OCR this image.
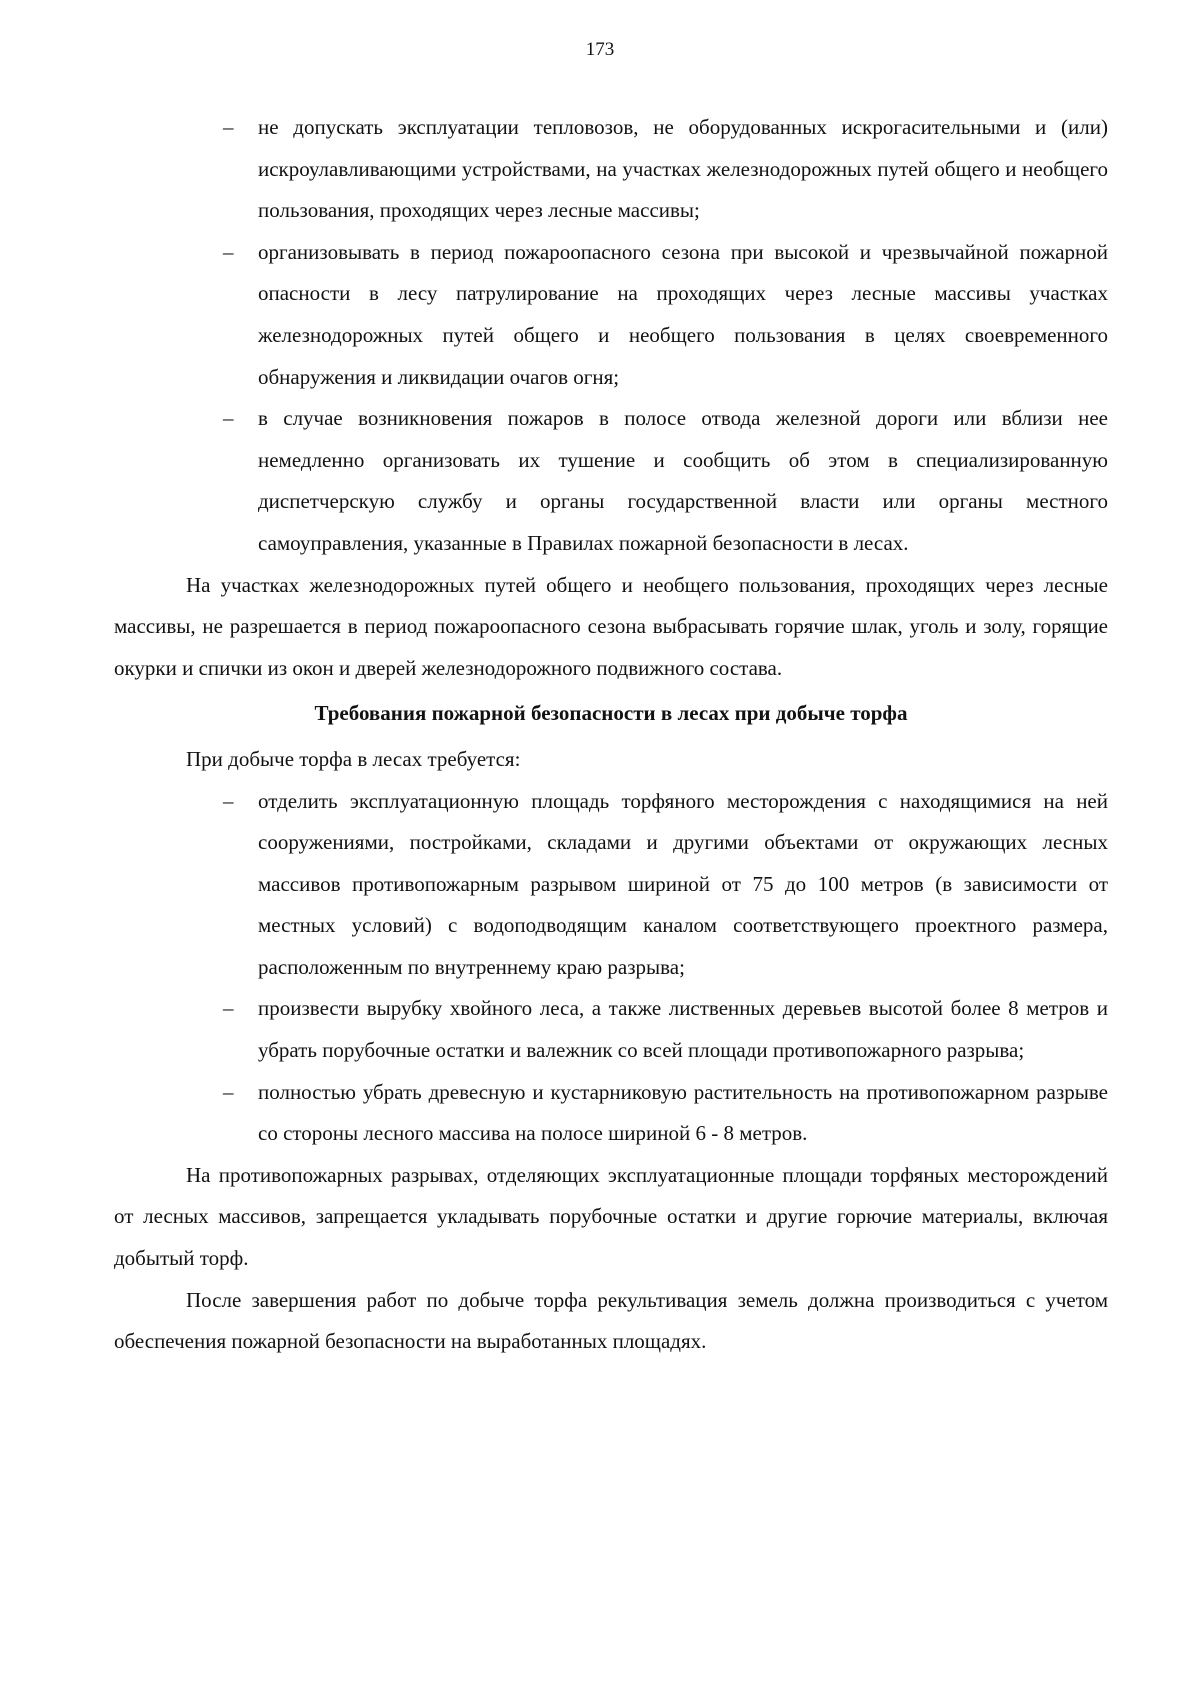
173
– не допускать эксплуатации тепловозов, не оборудованных искрогасительными и (или) искроулавливающими устройствами, на участках железнодорожных путей общего и необщего пользования, проходящих через лесные массивы;
– организовывать в период пожароопасного сезона при высокой и чрезвычайной пожарной опасности в лесу патрулирование на проходящих через лесные массивы участках железнодорожных путей общего и необщего пользования в целях своевременного обнаружения и ликвидации очагов огня;
– в случае возникновения пожаров в полосе отвода железной дороги или вблизи нее немедленно организовать их тушение и сообщить об этом в специализированную диспетчерскую службу и органы государственной власти или органы местного самоуправления, указанные в Правилах пожарной безопасности в лесах.

На участках железнодорожных путей общего и необщего пользования, проходящих через лесные массивы, не разрешается в период пожароопасного сезона выбрасывать горячие шлак, уголь и золу, горящие окурки и спички из окон и дверей железнодорожного подвижного состава.

Требования пожарной безопасности в лесах при добыче торфа

При добыче торфа в лесах требуется:

– отделить эксплуатационную площадь торфяного месторождения с находящимися на ней сооружениями, постройками, складами и другими объектами от окружающих лесных массивов противопожарным разрывом шириной от 75 до 100 метров (в зависимости от местных условий) с водоподводящим каналом соответствующего проектного размера, расположенным по внутреннему краю разрыва;
– произвести вырубку хвойного леса, а также лиственных деревьев высотой более 8 метров и убрать порубочные остатки и валежник со всей площади противопожарного разрыва;
– полностью убрать древесную и кустарниковую растительность на противопожарном разрыве со стороны лесного массива на полосе шириной 6 - 8 метров.

На противопожарных разрывах, отделяющих эксплуатационные площади торфяных месторождений от лесных массивов, запрещается укладывать порубочные остатки и другие горючие материалы, включая добытый торф.

После завершения работ по добыче торфа рекультивация земель должна производиться с учетом обеспечения пожарной безопасности на выработанных площадях.
